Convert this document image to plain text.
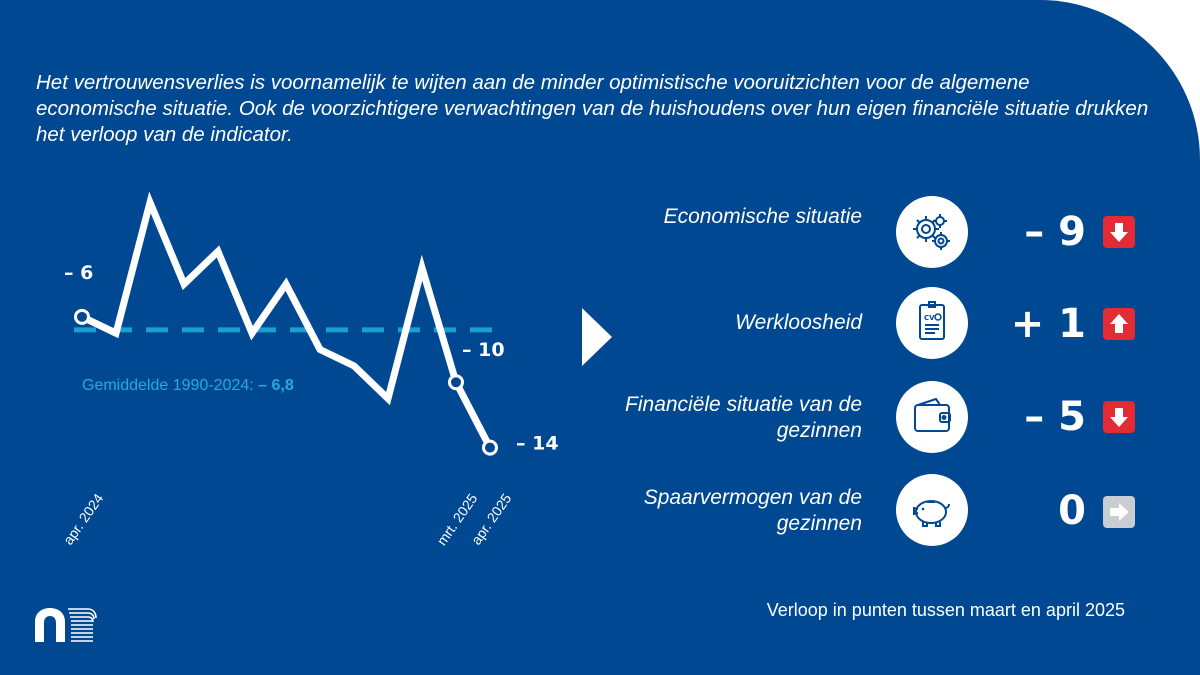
Het vertrouwensverlies is voornamelijk te wijten aan de minder optimistische vooruitzichten voor de algemene economische situatie. Ook de voorzichtigere verwachtingen van de huishoudens over hun eigen financiële situatie drukken het verloop van de indicator.

Gemiddelde 1990-2024: – 6,8
– 6
– 10
– 14
apr. 2024	mrt. 2025
apr. 2025
Economische situatie	– 9
Werkloosheid	CV	+ 1
Financiële situatie van de gezinnen	– 5
Spaarvermogen van de gezinnen	0
Verloop in punten tussen maart en april 2025
